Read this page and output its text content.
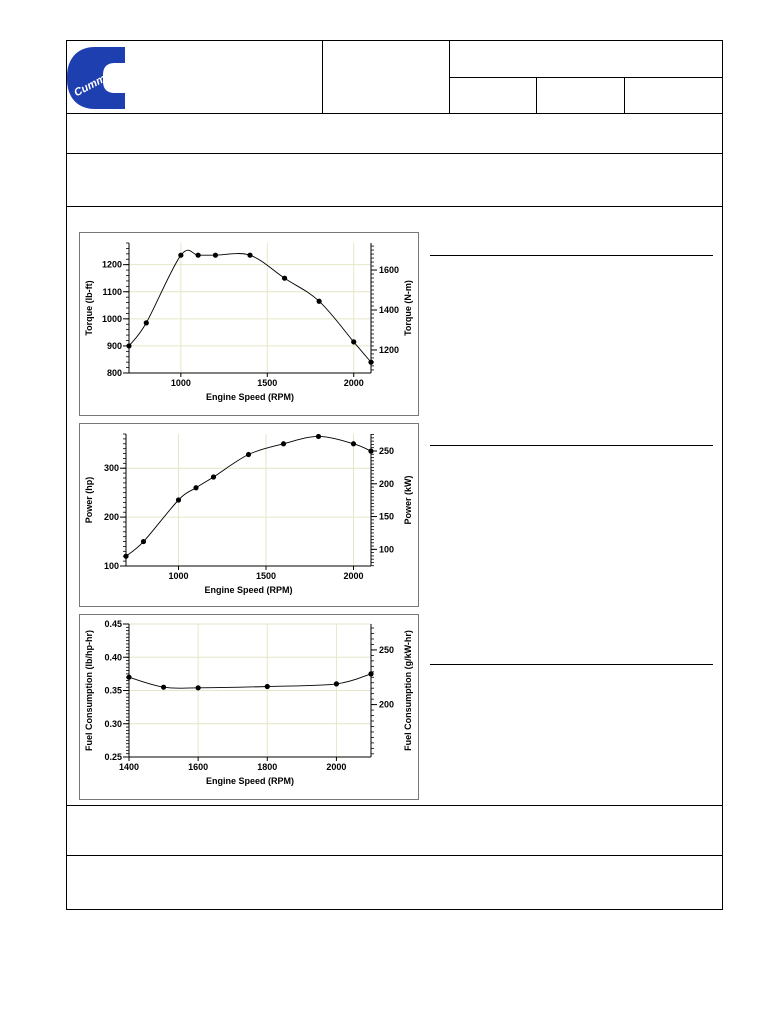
Cummins
800
900
1000
1100
1200
1200
1400
1600
1000	1500	2000
Engine Speed (RPM)
Torque (lb-ft)	Torque (N-m)
100
200
300
100
150
200
250
1000	1500	2000
Engine Speed (RPM)
Power (hp)	Power (kW)
0.25
0.30
0.35
0.40
0.45
200
250
1400	1600	1800	2000
Engine Speed (RPM)
Fuel Consumption (lb/hp-hr)	Fuel Consumption (g/kW-hr)
